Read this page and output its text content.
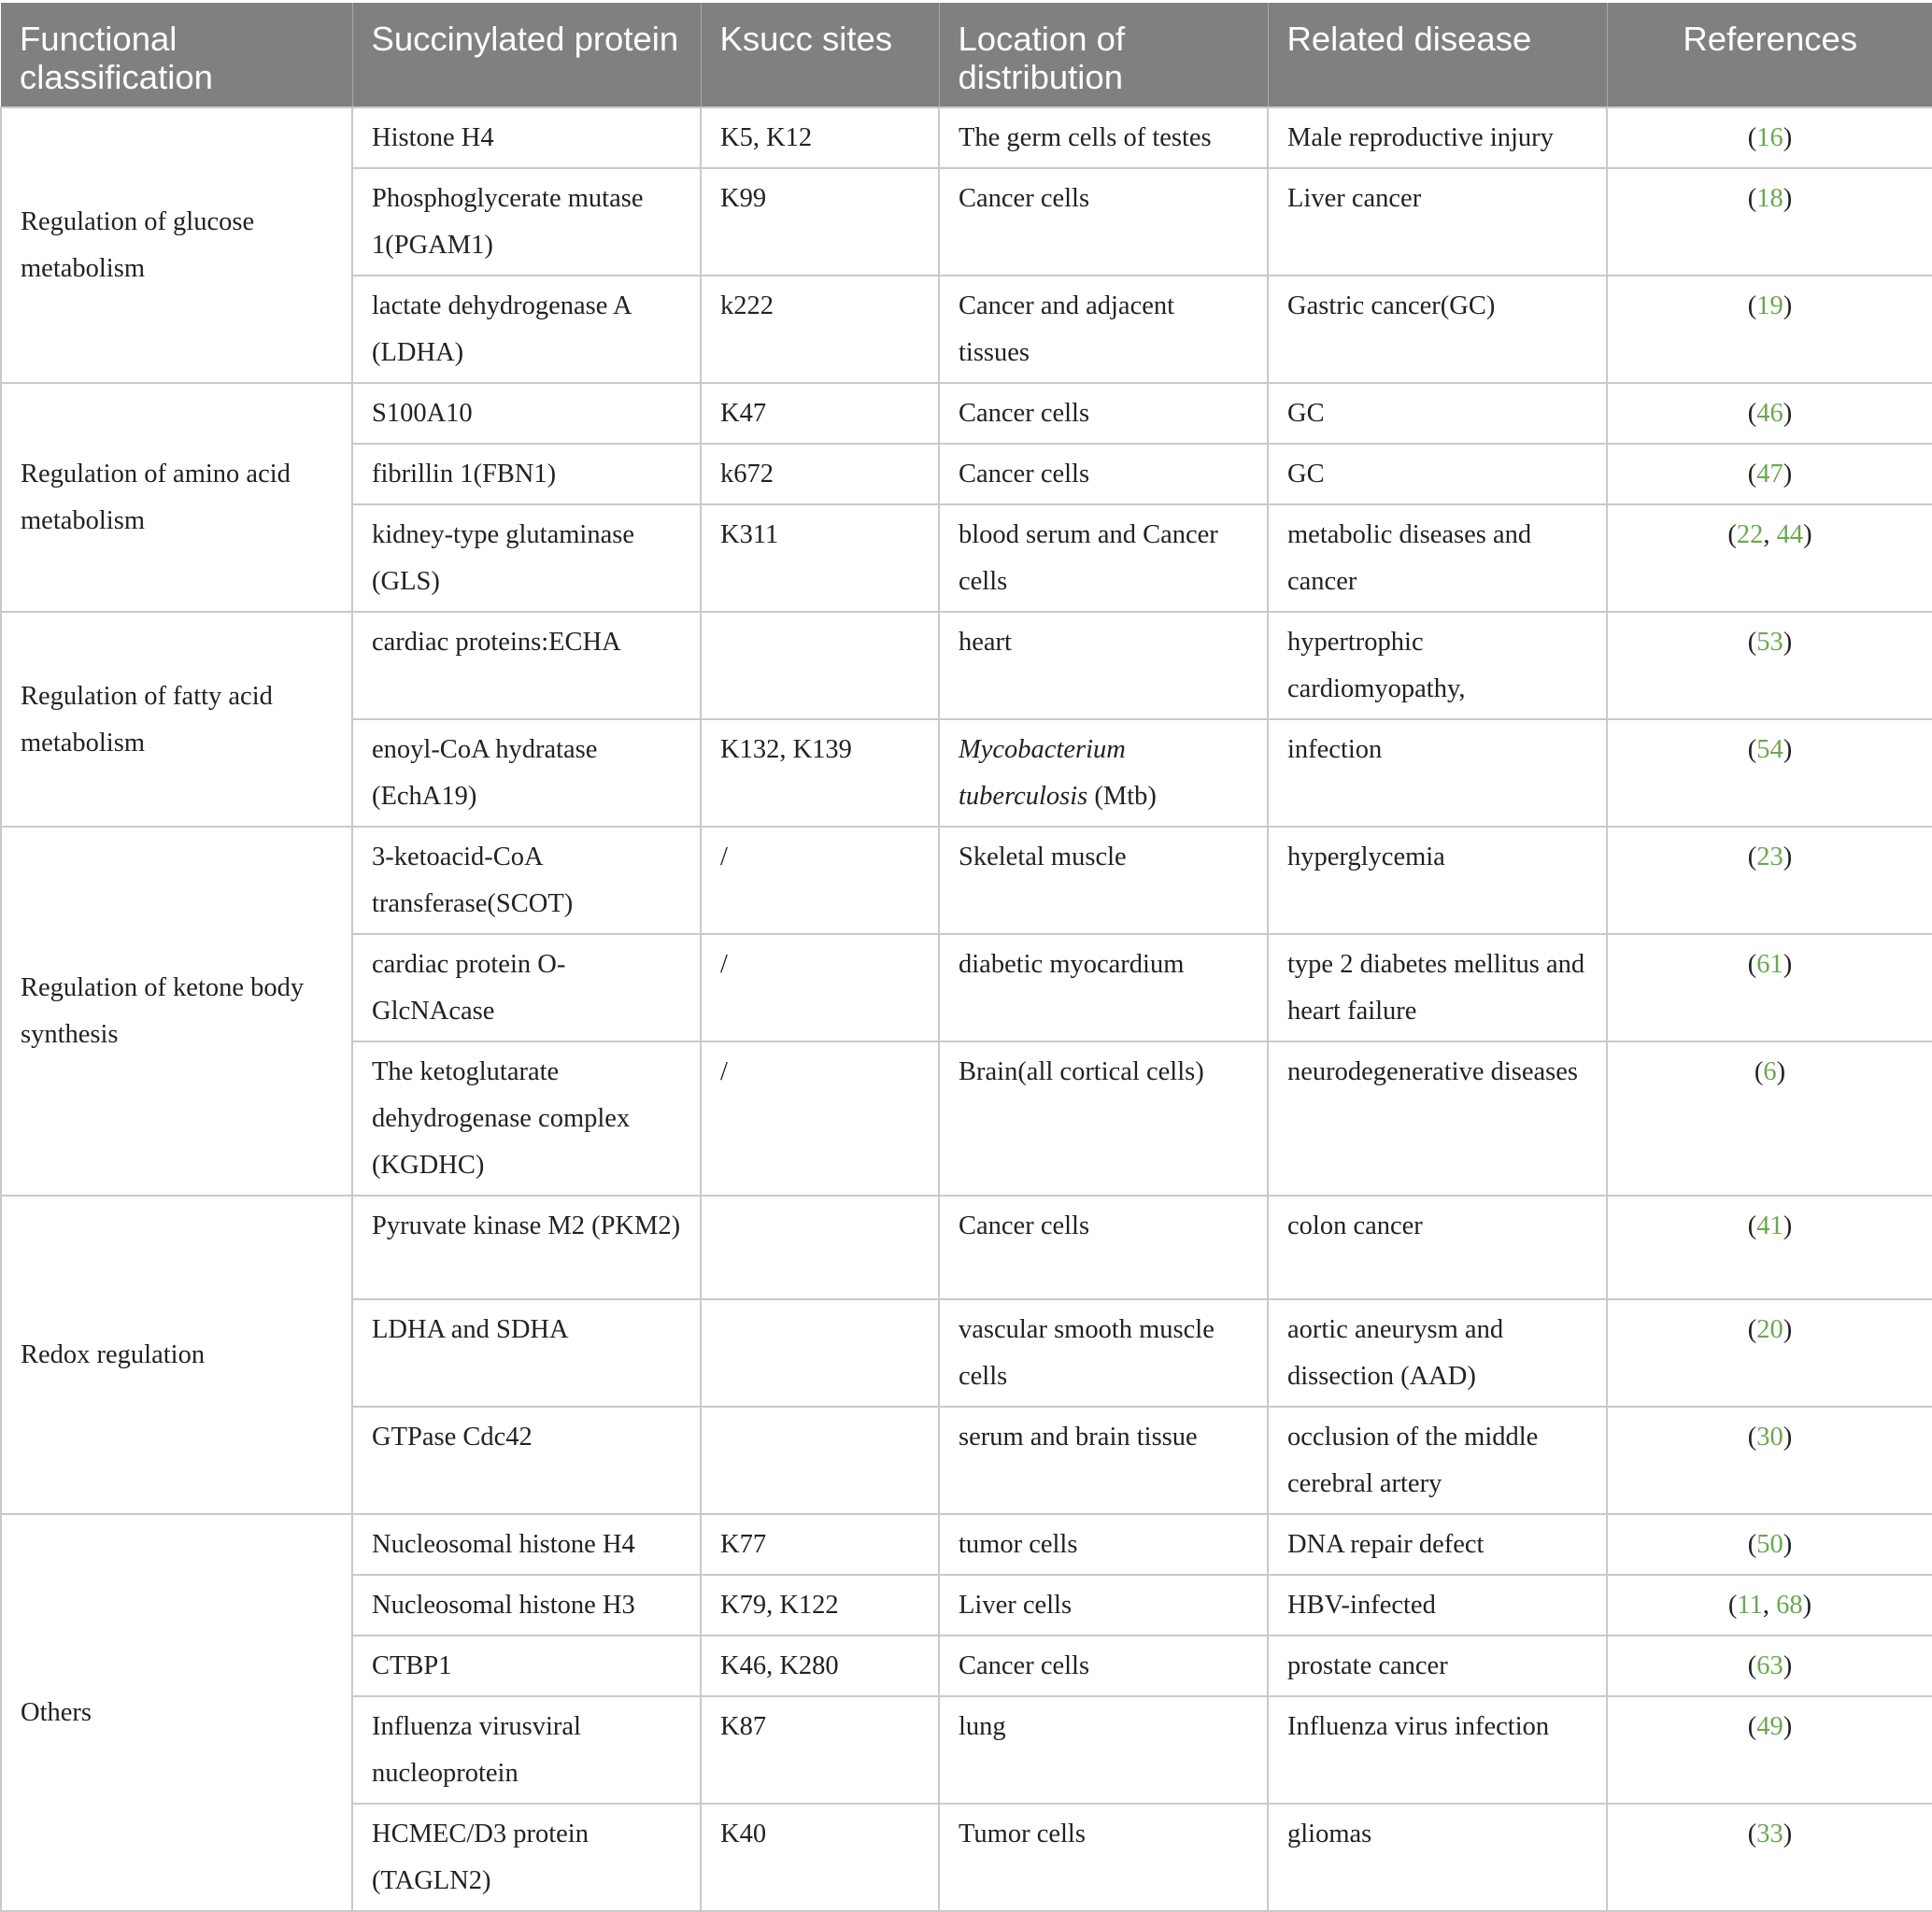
Functional classification	Succinylated protein	Ksucc sites	Location of distribution	Related disease	References
Regulation of glucose metabolism	Histone H4	K5, K12	The germ cells of testes	Male reproductive injury	(16)
	Phosphoglycerate mutase 1(PGAM1)	K99	Cancer cells	Liver cancer	(18)
	lactate dehydrogenase A (LDHA)	k222	Cancer and adjacent tissues	Gastric cancer(GC)	(19)
Regulation of amino acid metabolism	S100A10	K47	Cancer cells	GC	(46)
	fibrillin 1(FBN1)	k672	Cancer cells	GC	(47)
	kidney-type glutaminase (GLS)	K311	blood serum and Cancer cells	metabolic diseases and cancer	(22, 44)
Regulation of fatty acid metabolism	cardiac proteins:ECHA		heart	hypertrophic cardiomyopathy,	(53)
	enoyl-CoA hydratase (EchA19)	K132, K139	Mycobacterium tuberculosis (Mtb)	infection	(54)
Regulation of ketone body synthesis	3-ketoacid-CoA transferase(SCOT)	/	Skeletal muscle	hyperglycemia	(23)
	cardiac protein O-GlcNAcase	/	diabetic myocardium	type 2 diabetes mellitus and heart failure	(61)
	The ketoglutarate dehydrogenase complex (KGDHC)	/	Brain(all cortical cells)	neurodegenerative diseases	(6)
Redox regulation	Pyruvate kinase M2 (PKM2)		Cancer cells	colon cancer	(41)
	LDHA and SDHA		vascular smooth muscle cells	aortic aneurysm and dissection (AAD)	(20)
	GTPase Cdc42		serum and brain tissue	occlusion of the middle cerebral artery	(30)
Others	Nucleosomal histone H4	K77	tumor cells	DNA repair defect	(50)
	Nucleosomal histone H3	K79, K122	Liver cells	HBV-infected	(11, 68)
	CTBP1	K46, K280	Cancer cells	prostate cancer	(63)
	Influenza virusviral nucleoprotein	K87	lung	Influenza virus infection	(49)
	HCMEC/D3 protein (TAGLN2)	K40	Tumor cells	gliomas	(33)
